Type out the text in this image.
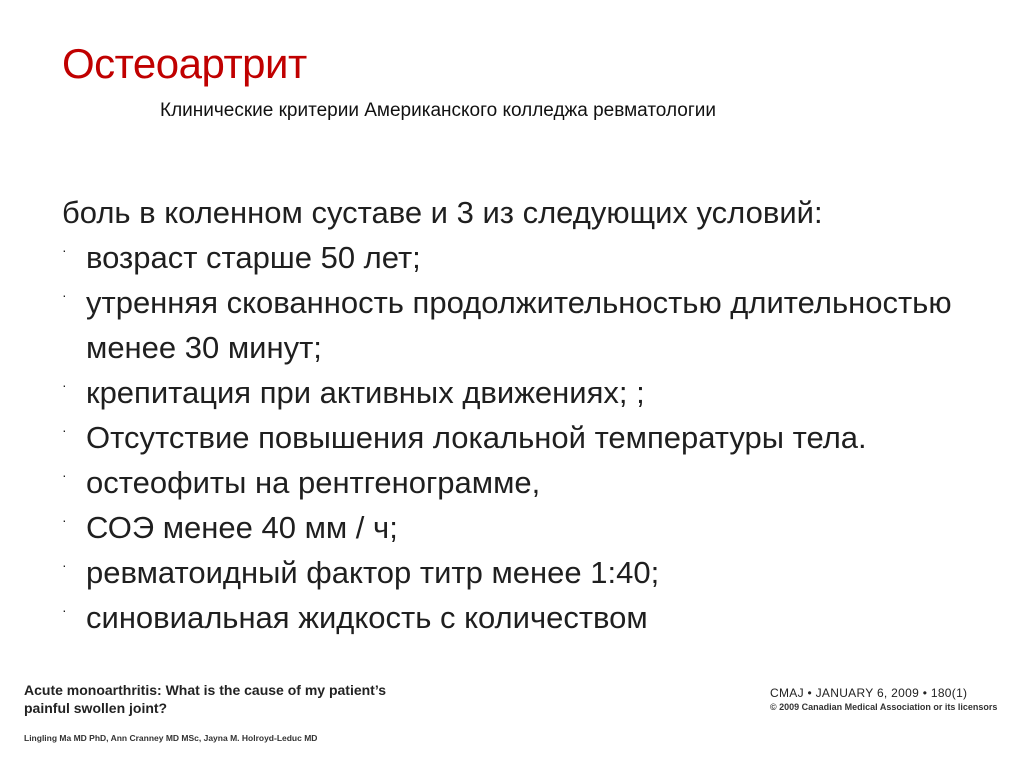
Остеоартрит
Клинические критерии Американского колледжа ревматологии

боль в коленном суставе и 3 из следующих условий:

· возраст старше 50 лет;
· утренняя скованность продолжительностью длительностью менее 30 минут;
· крепитация при активных движениях; ;
· Отсутствие повышения локальной температуры тела.
· остеофиты на рентгенограмме,
· СОЭ менее 40 мм / ч;
· ревматоидный фактор титр менее 1:40;
· синовиальная жидкость с количеством
Acute monoarthritis: What is the cause of my patient’s painful swollen joint?
Lingling Ma MD PhD, Ann Cranney MD MSc, Jayna M. Holroyd-Leduc MD
CMAJ • JANUARY 6, 2009 • 180(1)
© 2009 Canadian Medical Association or its licensors
